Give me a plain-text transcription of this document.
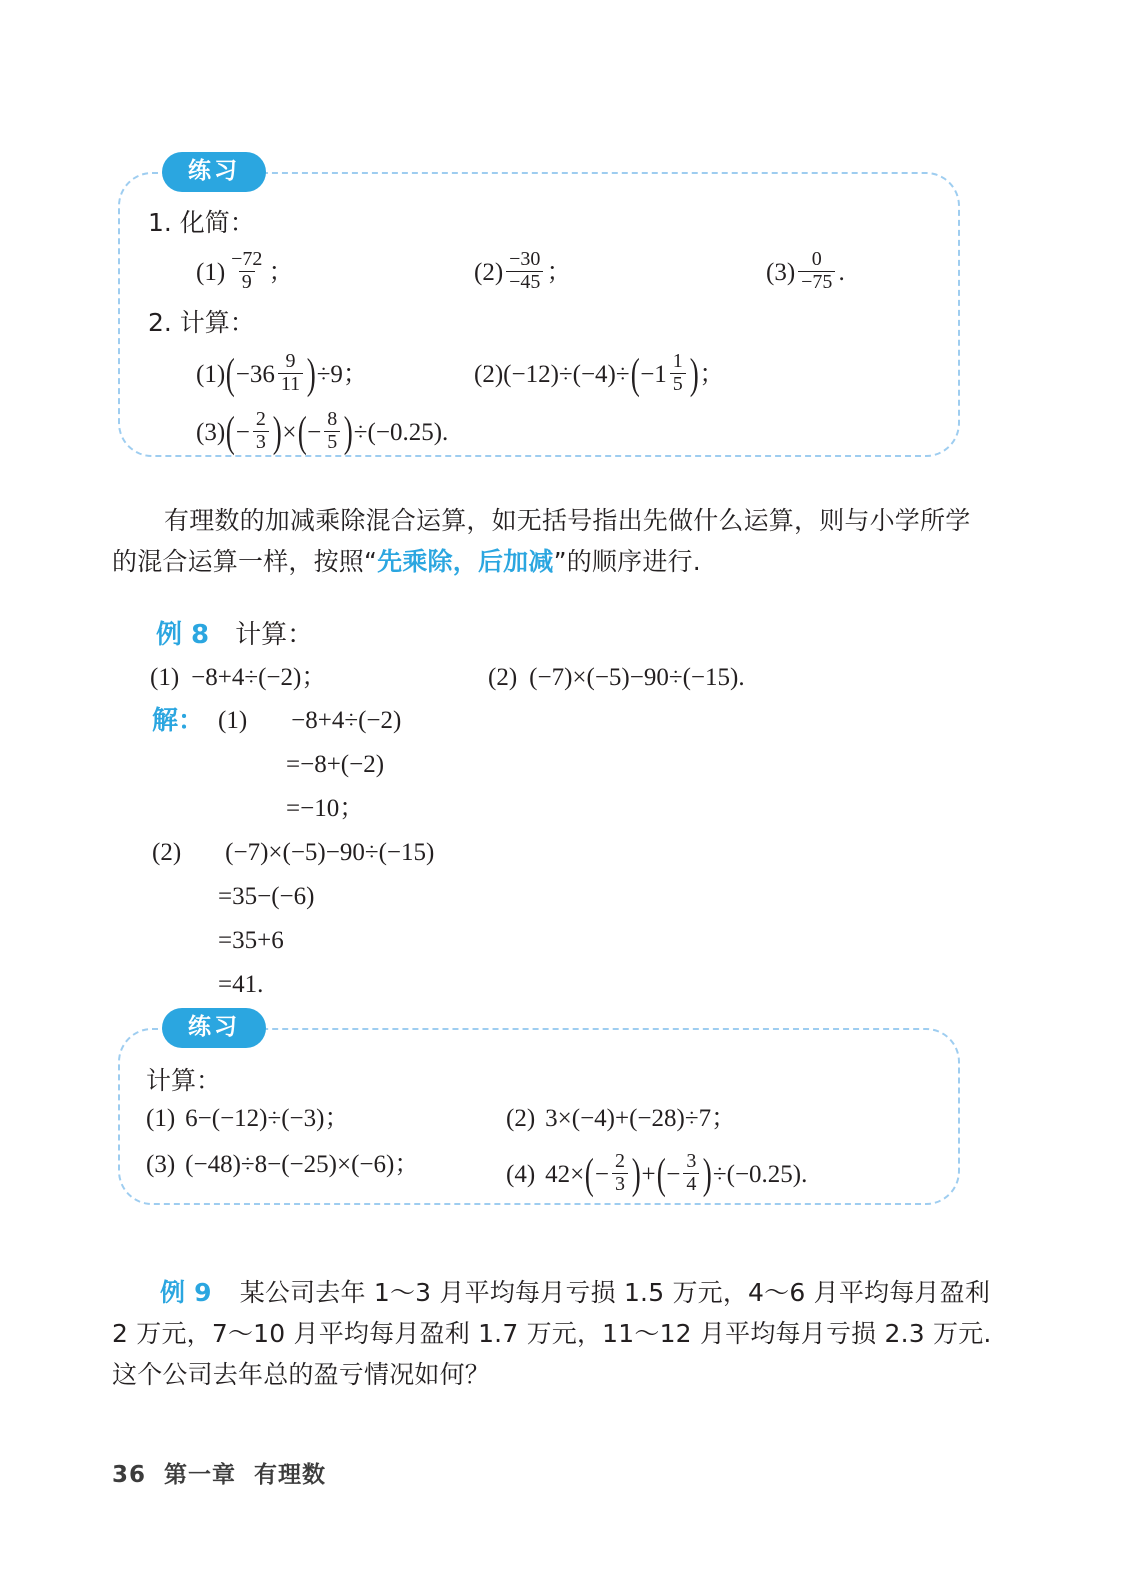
练习
1. 化简：
$(1) \frac{-72}{9}$ ；	$(2) \frac{-30}{-45}$ ；	$(3) \frac{0}{-75}$ .
2. 计算：
(1) ( $-36 \frac{9}{11}$ ) ÷9；	(2) (−12)÷(−4)÷ ( $-1 \frac{1}{5}$ ) ；
(3) ( − $\frac{2}{3}$ ) × ( − $\frac{8}{5}$ ) ÷(−0.25).
有理数的加减乘除混合运算，如无括号指出先做什么运算，则与小学所学
的混合运算一样，按照“先乘除，后加减”的顺序进行.
例 8 计算：
(1) −8+4÷(−2)；	(2) (−7)×(−5)−90÷(−15).
解： (1) −8+4÷(−2)
=−8+(−2)
=−10；
(2) (−7)×(−5)−90÷(−15)
=35−(−6)
=35+6
=41.
练习
计算：
(1) 6−(−12)÷(−3)；	(2) 3×(−4)+(−28)÷7；
(3) (−48)÷8−(−25)×(−6)；	(4) 42× ( − $\frac{2}{3}$ ) + ( − $\frac{3}{4}$ ) ÷(−0.25).
例 9 某公司去年 1～3 月平均每月亏损 1.5 万元，4～6 月平均每月盈利
2 万元，7～10 月平均每月盈利 1.7 万元，11～12 月平均每月亏损 2.3 万元.
这个公司去年总的盈亏情况如何？
36 第一章 有理数
